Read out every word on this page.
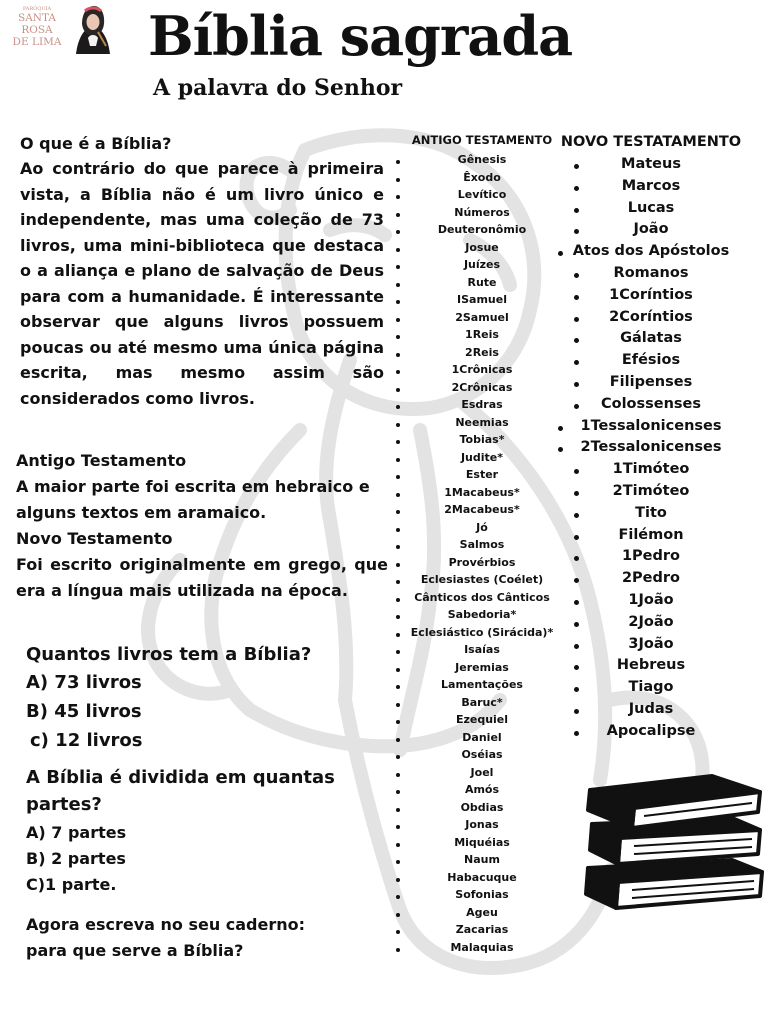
PARÓQUIA
SANTA
ROSA
DE LIMA Bíblia sagrada
A palavra do Senhor
O que é a Bíblia?
Ao contrário do que parece à primeira vista, a Bíblia não é um livro único e independente, mas uma coleção de 73 livros, uma mini-biblioteca que destaca o a aliança e plano de salvação de Deus para com a humanidade. É interessante observar que alguns livros possuem poucas ou até mesmo uma única página escrita, mas mesmo assim são considerados como livros.
Antigo Testamento
A maior parte foi escrita em hebraico e alguns textos em aramaico.
Novo Testamento
Foi escrito originalmente em grego, que era a língua mais utilizada na época.
Quantos livros tem a Bíblia?
A) 73 livros
B) 45 livros
c) 12 livros
A Bíblia é dividida em quantas partes?
A) 7 partes
B) 2 partes
C)1 parte.
Agora escreva no seu caderno:
para que serve a Bíblia?
ANTIGO TESTAMENTO
Gênesis
Êxodo
Levítico
Números
Deuteronômio
Josue
Juízes
Rute
ISamuel
2Samuel
1Reis
2Reis
1Crônicas
2Crônicas
Esdras
Neemias
Tobias*
Judite*
Ester
1Macabeus*
2Macabeus*
Jó
Salmos
Provérbios
Eclesiastes (Coélet)
Cânticos dos Cânticos
Sabedoria*
Eclesiástico (Sirácida)*
Isaías
Jeremias
Lamentações
Baruc*
Ezequiel
Daniel
Oséias
Joel
Amós
Obdias
Jonas
Miquéias
Naum
Habacuque
Sofonias
Ageu
Zacarias
Malaquias
NOVO TESTATAMENTO
Mateus
Marcos
Lucas
João
Atos dos Apóstolos
Romanos
1Coríntios
2Coríntios
Gálatas
Efésios
Filipenses
Colossenses
1Tessalonicenses
2Tessalonicenses
1Timóteo
2Timóteo
Tito
Filémon
1Pedro
2Pedro
1João
2João
3João
Hebreus
Tiago
Judas
Apocalipse
